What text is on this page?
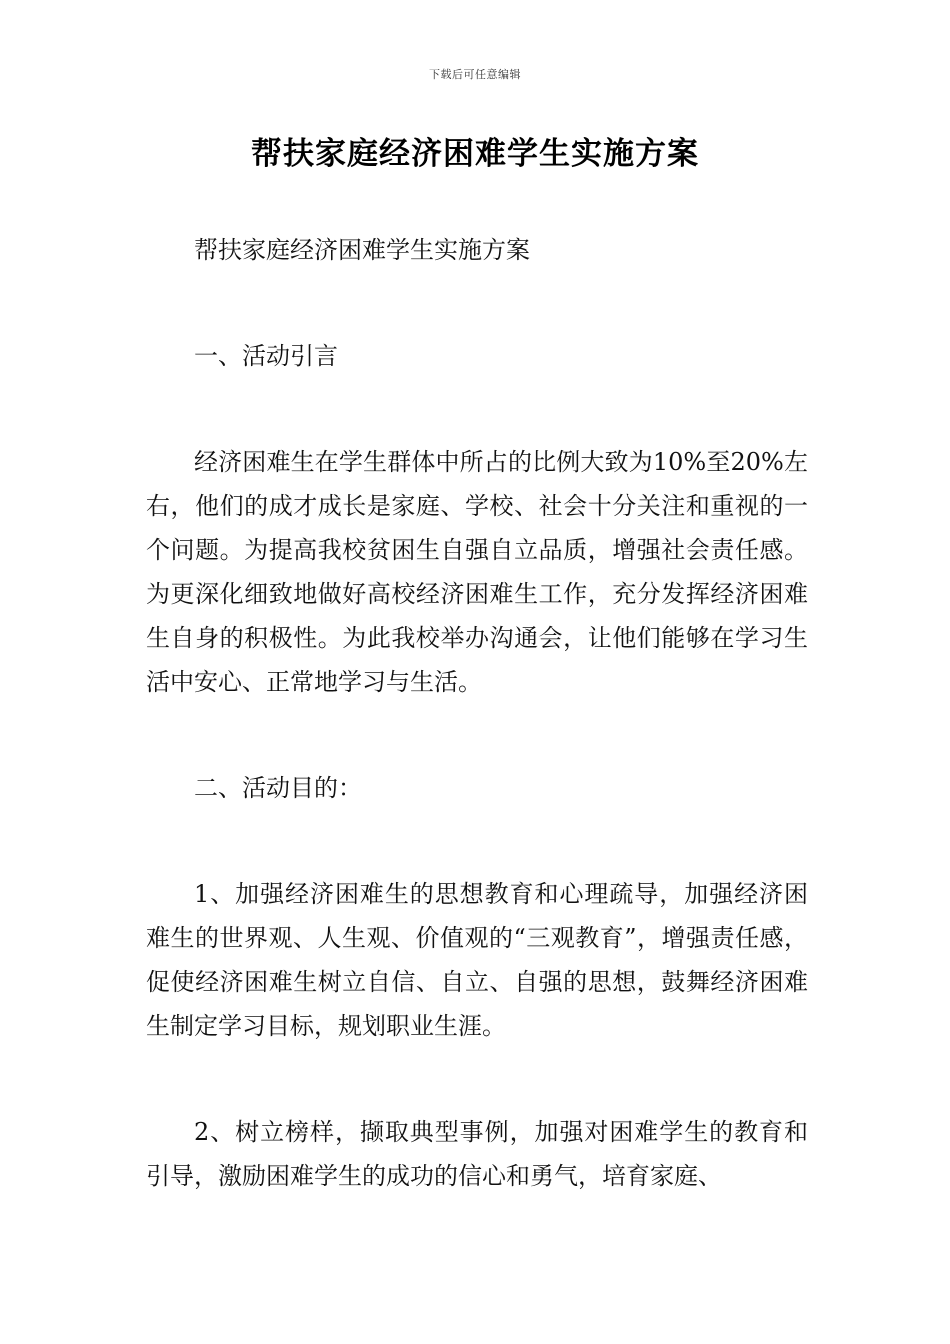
下载后可任意编辑
帮扶家庭经济困难学生实施方案

帮扶家庭经济困难学生实施方案

一、活动引言

经济困难生在学生群体中所占的比例大致为10%至20%左右，他们的成才成长是家庭、学校、社会十分关注和重视的一个问题。为提高我校贫困生自强自立品质，增强社会责任感。为更深化细致地做好高校经济困难生工作，充分发挥经济困难生自身的积极性。为此我校举办沟通会，让他们能够在学习生活中安心、正常地学习与生活。

二、活动目的：

1、加强经济困难生的思想教育和心理疏导，加强经济困难生的世界观、人生观、价值观的“三观教育”，增强责任感，促使经济困难生树立自信、自立、自强的思想，鼓舞经济困难生制定学习目标，规划职业生涯。

2、树立榜样，撷取典型事例，加强对困难学生的教育和引导，激励困难学生的成功的信心和勇气，培育家庭、
